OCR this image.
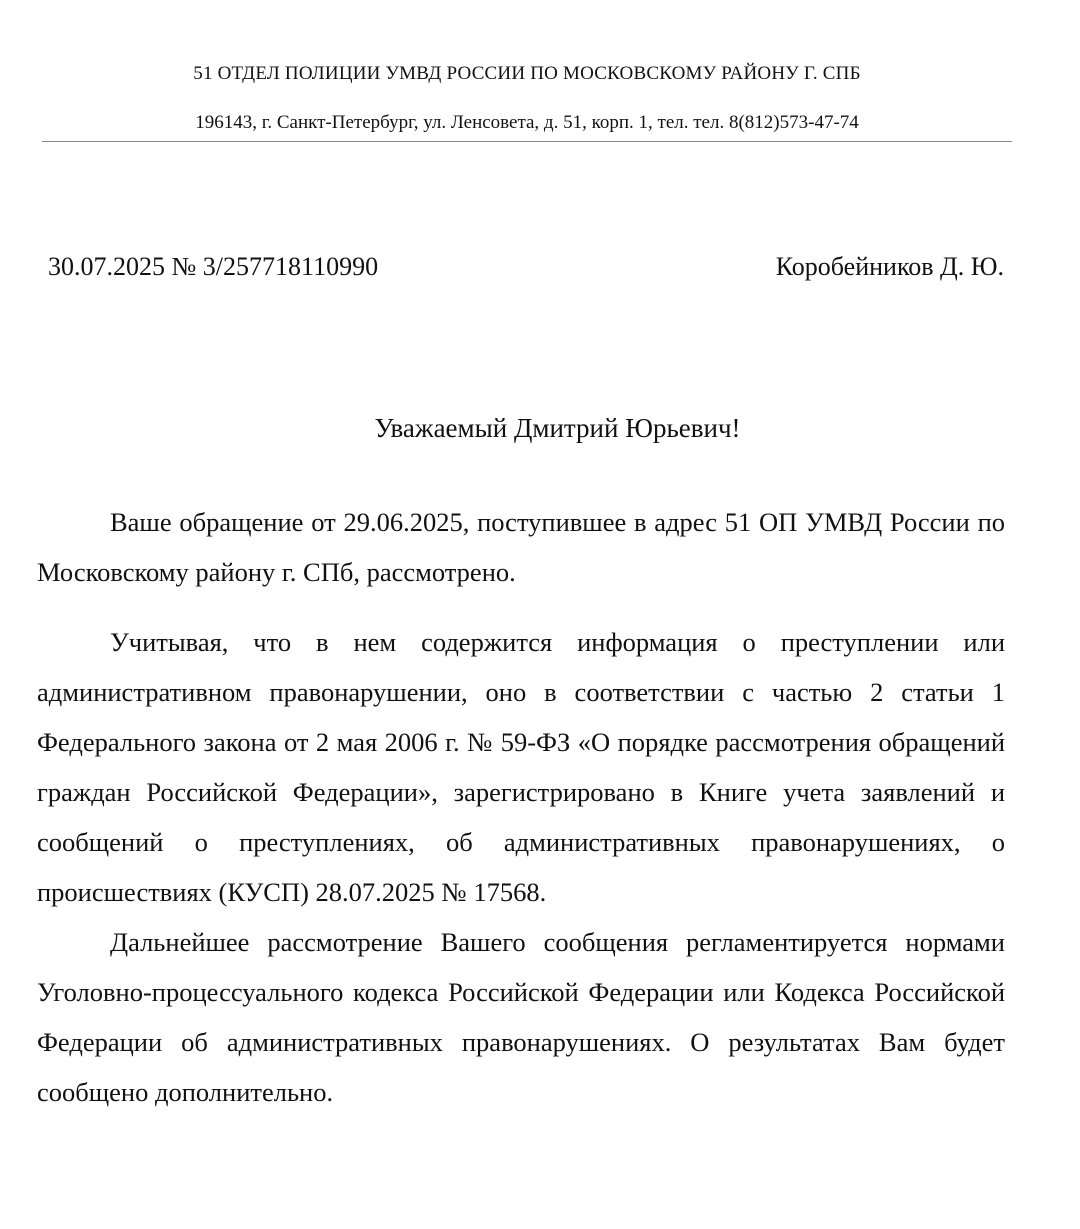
51 ОТДЕЛ ПОЛИЦИИ УМВД РОССИИ ПО МОСКОВСКОМУ РАЙОНУ Г. СПБ
196143, г. Санкт-Петербург, ул. Ленсовета, д. 51, корп. 1, тел. тел. 8(812)573-47-74
30.07.2025 № 3/257718110990	Коробейников Д. Ю.
Уважаемый Дмитрий Юрьевич!

Ваше обращение от 29.06.2025, поступившее в адрес 51 ОП УМВД России по Московскому району г. СПб, рассмотрено.

Учитывая, что в нем содержится информация о преступлении или административном правонарушении, оно в соответствии с частью 2 статьи 1 Федерального закона от 2 мая 2006 г. № 59-ФЗ «О порядке рассмотрения обращений граждан Российской Федерации», зарегистрировано в Книге учета заявлений и сообщений о преступлениях, об административных правонарушениях, о происшествиях (КУСП) 28.07.2025 № 17568.

Дальнейшее рассмотрение Вашего сообщения регламентируется нормами Уголовно-процессуального кодекса Российской Федерации или Кодекса Российской Федерации об административных правонарушениях. О результатах Вам будет сообщено дополнительно.
